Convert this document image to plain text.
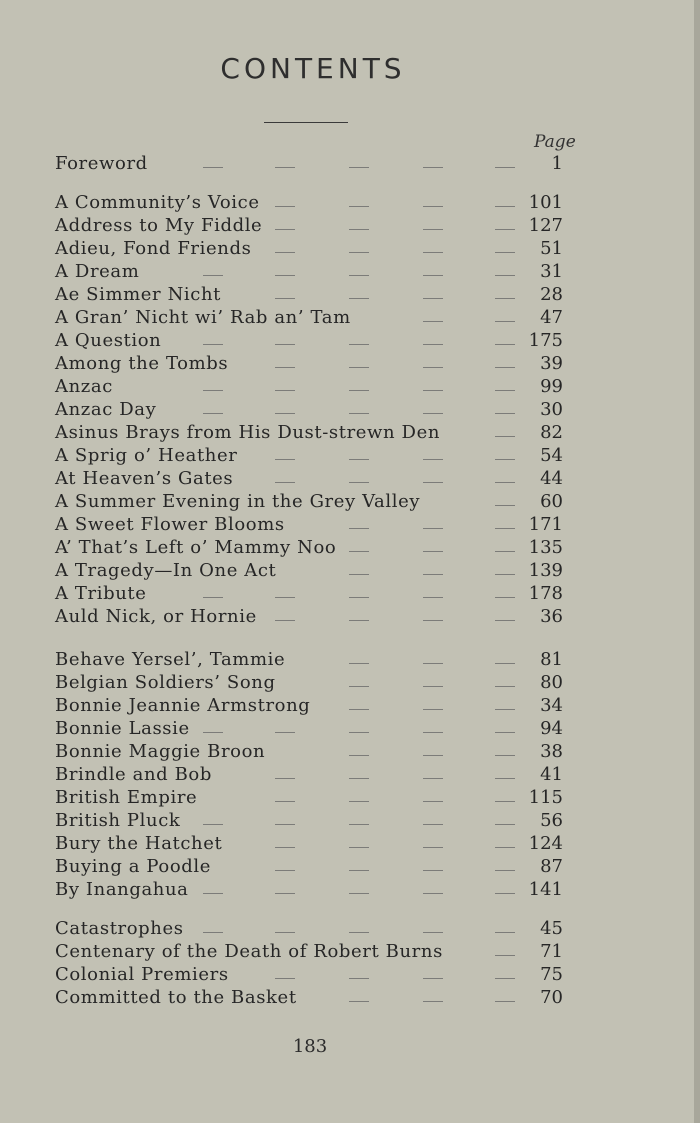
CONTENTS
Page
Foreword	1
A Community’s Voice	101
Address to My Fiddle	127
Adieu, Fond Friends	51
A Dream	31
Ae Simmer Nicht	28
A Gran’ Nicht wi’ Rab an’ Tam	47
A Question	175
Among the Tombs	39
Anzac	99
Anzac Day	30
Asinus Brays from His Dust-strewn Den	82
A Sprig o’ Heather	54
At Heaven’s Gates	44
A Summer Evening in the Grey Valley	60
A Sweet Flower Blooms	171
A’ That’s Left o’ Mammy Noo	135
A Tragedy—In One Act	139
A Tribute	178
Auld Nick, or Hornie	36
Behave Yersel’, Tammie	81
Belgian Soldiers’ Song	80
Bonnie Jeannie Armstrong	34
Bonnie Lassie	94
Bonnie Maggie Broon	38
Brindle and Bob	41
British Empire	115
British Pluck	56
Bury the Hatchet	124
Buying a Poodle	87
By Inangahua	141
Catastrophes	45
Centenary of the Death of Robert Burns	71
Colonial Premiers	75
Committed to the Basket	70
183
